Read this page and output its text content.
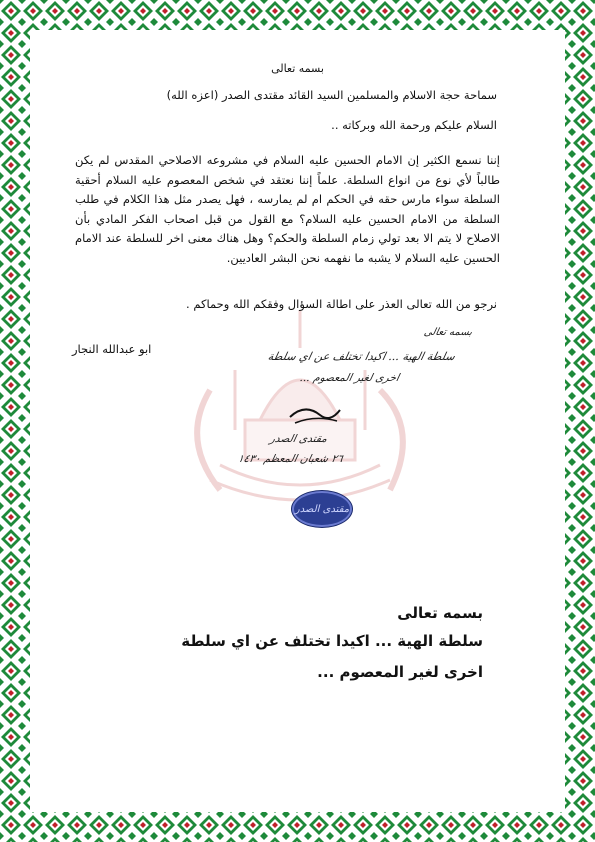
بسمه تعالى
سماحة حجة الاسلام والمسلمين السيد القائد مقتدى الصدر (اعزه الله)
السلام عليكم ورحمة الله وبركاته ..
إننا نسمع الكثير إن الامام الحسين عليه السلام في مشروعه الاصلاحي المقدس لم يكن طالباً لأي نوع من انواع السلطة. علماً إننا نعتقد في شخص المعصوم عليه السلام أحقية السلطة سواء مارس حقه في الحكم ام لم يمارسه ، فهل يصدر مثل هذا الكلام في طلب السلطة من الامام الحسين عليه السلام؟ مع القول من قبل اصحاب الفكر المادي بأن الاصلاح لا يتم الا بعد تولي زمام السلطة والحكم؟ وهل هناك معنى اخر للسلطة عند الامام الحسين عليه السلام لا يشبه ما نفهمه نحن البشر العاديين.
نرجو من الله تعالى العذر على اطالة السؤال وفقكم الله وحماكم .
ابو عبدالله النجار
بسمه تعالى
سلطة الهية ... اكيدا تختلف عن اي سلطة
اخرى لغير المعصوم ...
مقتدى الصدر
٢٦ شعبان المعظم ١٤٣٠
مقتدى الصدر
بسمه تعالى
سلطة الهية ... اكيدا تختلف عن اي سلطة
اخرى لغير المعصوم ...
